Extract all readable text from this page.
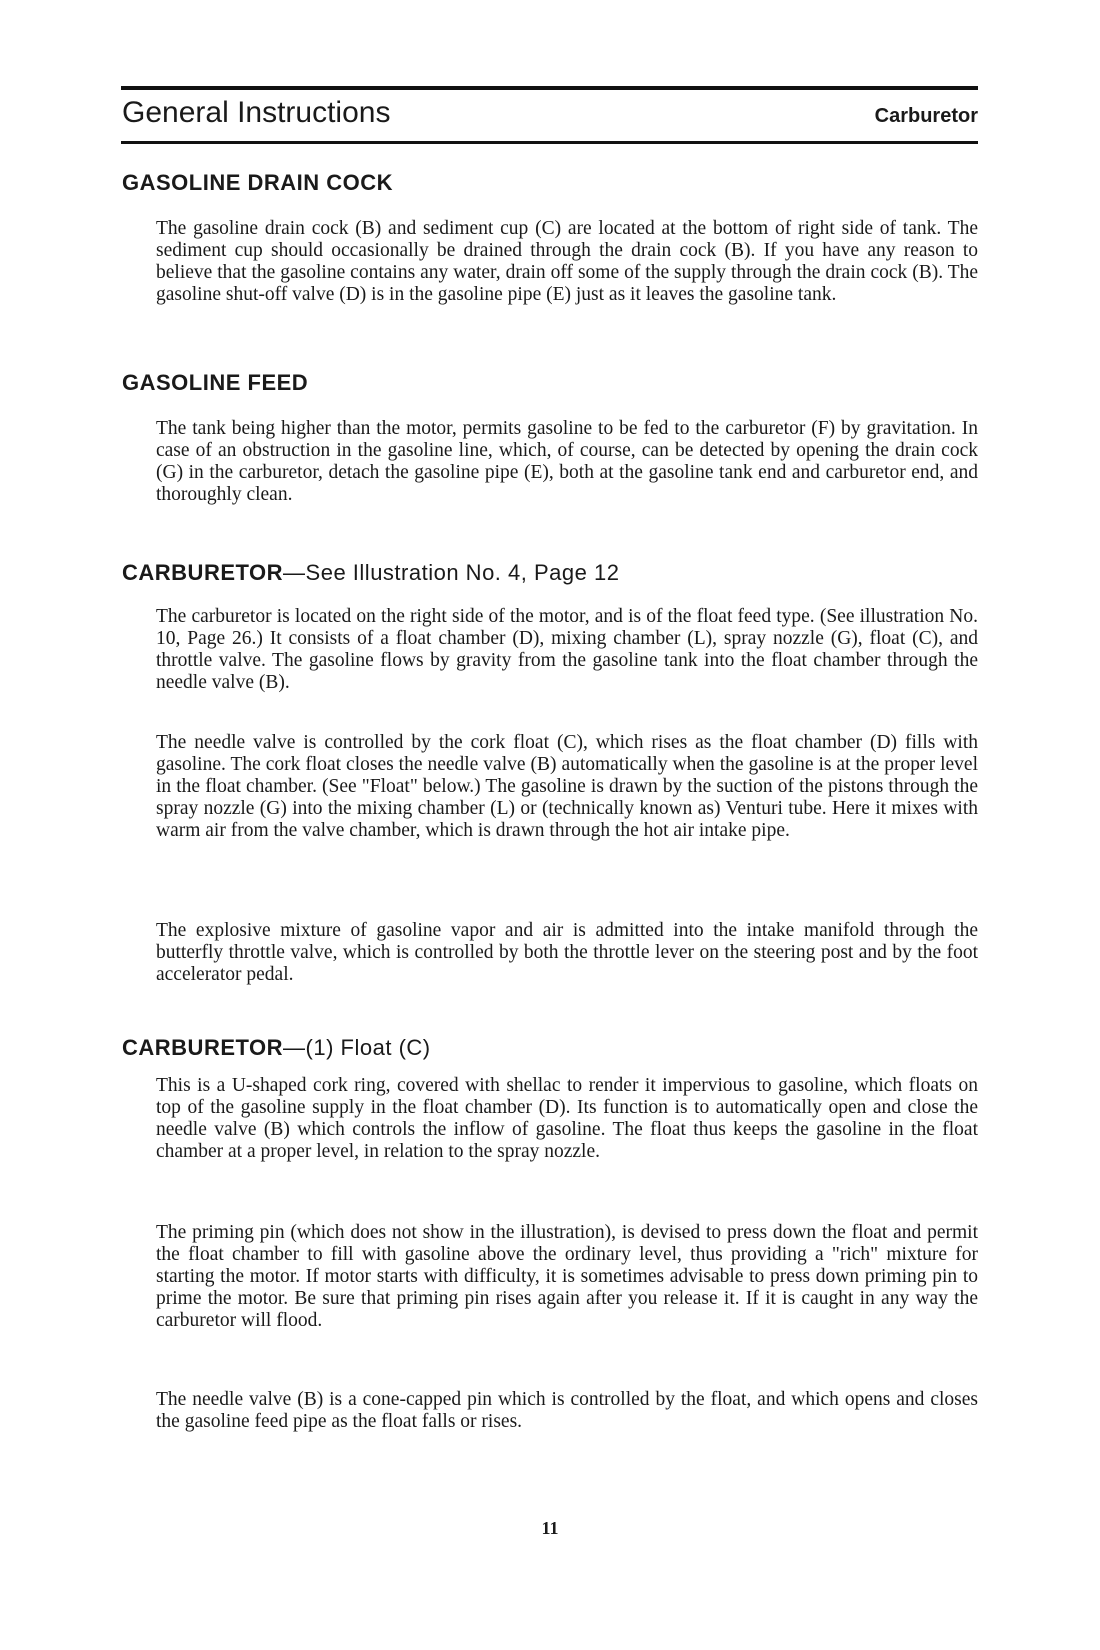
General Instructions	Carburetor
GASOLINE DRAIN COCK

The gasoline drain cock (B) and sediment cup (C) are located at the bottom of right side of tank. The sediment cup should occasionally be drained through the drain cock (B). If you have any reason to believe that the gasoline contains any water, drain off some of the supply through the drain cock (B). The gasoline shut-off valve (D) is in the gasoline pipe (E) just as it leaves the gasoline tank.

GASOLINE FEED

The tank being higher than the motor, permits gasoline to be fed to the carburetor (F) by gravitation. In case of an obstruction in the gasoline line, which, of course, can be detected by opening the drain cock (G) in the carburetor, detach the gasoline pipe (E), both at the gasoline tank end and carburetor end, and thoroughly clean.

CARBURETOR—See Illustration No. 4, Page 12

The carburetor is located on the right side of the motor, and is of the float feed type. (See illustration No. 10, Page 26.) It consists of a float chamber (D), mixing chamber (L), spray nozzle (G), float (C), and throttle valve. The gasoline flows by gravity from the gasoline tank into the float chamber through the needle valve (B).

The needle valve is controlled by the cork float (C), which rises as the float chamber (D) fills with gasoline. The cork float closes the needle valve (B) automatically when the gasoline is at the proper level in the float chamber. (See "Float" below.) The gasoline is drawn by the suction of the pistons through the spray nozzle (G) into the mixing chamber (L) or (technically known as) Venturi tube. Here it mixes with warm air from the valve chamber, which is drawn through the hot air intake pipe.

The explosive mixture of gasoline vapor and air is admitted into the intake manifold through the butterfly throttle valve, which is controlled by both the throttle lever on the steering post and by the foot accelerator pedal.

CARBURETOR—(1) Float (C)

This is a U-shaped cork ring, covered with shellac to render it impervious to gasoline, which floats on top of the gasoline supply in the float chamber (D). Its function is to automatically open and close the needle valve (B) which controls the inflow of gasoline. The float thus keeps the gasoline in the float chamber at a proper level, in relation to the spray nozzle.

The priming pin (which does not show in the illustration), is devised to press down the float and permit the float chamber to fill with gasoline above the ordinary level, thus providing a "rich" mixture for starting the motor. If motor starts with difficulty, it is sometimes advisable to press down priming pin to prime the motor. Be sure that priming pin rises again after you release it. If it is caught in any way the carburetor will flood.

The needle valve (B) is a cone-capped pin which is controlled by the float, and which opens and closes the gasoline feed pipe as the float falls or rises.

11
